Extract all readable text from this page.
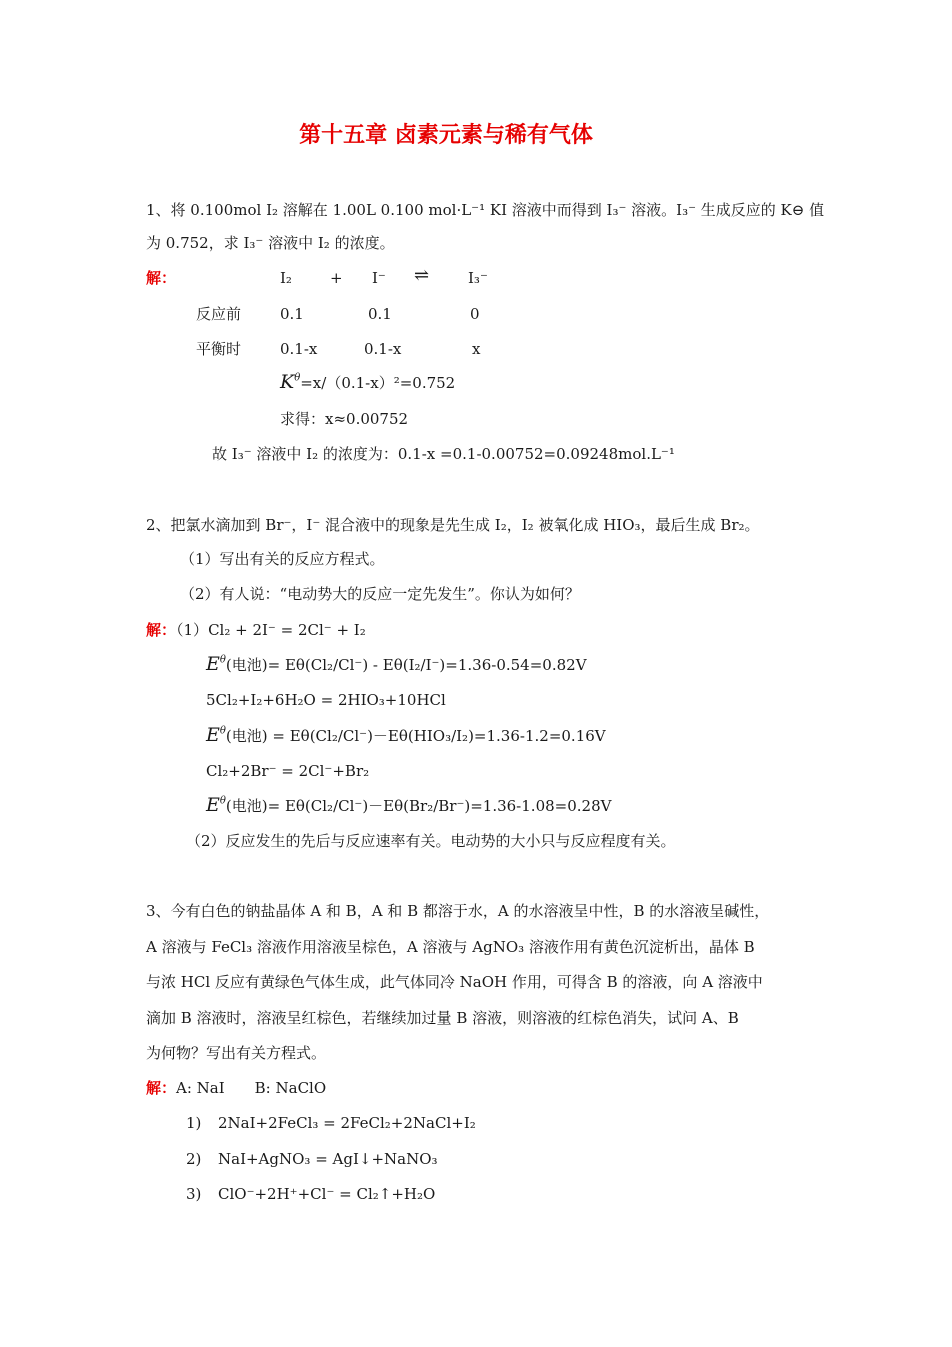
第十五章 卤素元素与稀有气体
1、将 0.100mol I₂ 溶解在 1.00L 0.100 mol·L⁻¹ KI 溶液中而得到 I₃⁻ 溶液。I₃⁻ 生成反应的 K⊖ 值
为 0.752，求 I₃⁻ 溶液中 I₂ 的浓度。
解：	I₂	+ I⁻ ⇌	I₃⁻
反应前	0.1	0.1	0
平衡时	0.1-x	0.1-x	x
$K^\theta=x/(0.1-x)^2=0.752$
求得：x≈0.00752
故 I₃⁻ 溶液中 I₂ 的浓度为：0.1-x =0.1-0.00752=0.09248mol.L⁻¹
2、把氯水滴加到 Br⁻，I⁻ 混合液中的现象是先生成 I₂，I₂ 被氧化成 HIO₃，最后生成 Br₂。
（1）写出有关的反应方程式。
（2）有人说：“电动势大的反应一定先发生”。你认为如何？
解：（1）Cl₂ + 2I⁻ = 2Cl⁻ + I₂
$E^\theta$(电池)= Eθ(Cl₂/Cl⁻) - Eθ(I₂/I⁻)=1.36-0.54=0.82V
5Cl₂+I₂+6H₂O = 2HIO₃+10HCl
$E^\theta$(电池) = Eθ(Cl₂/Cl⁻)－Eθ(HIO₃/I₂)=1.36-1.2=0.16V
Cl₂+2Br⁻ = 2Cl⁻+Br₂
$E^\theta$(电池)= Eθ(Cl₂/Cl⁻)－Eθ(Br₂/Br⁻)=1.36-1.08=0.28V
（2）反应发生的先后与反应速率有关。电动势的大小只与反应程度有关。
3、今有白色的钠盐晶体 A 和 B，A 和 B 都溶于水，A 的水溶液呈中性，B 的水溶液呈碱性，
A 溶液与 FeCl₃ 溶液作用溶液呈棕色，A 溶液与 AgNO₃ 溶液作用有黄色沉淀析出，晶体 B
与浓 HCl 反应有黄绿色气体生成，此气体同冷 NaOH 作用，可得含 B 的溶液，向 A 溶液中
滴加 B 溶液时，溶液呈红棕色，若继续加过量 B 溶液，则溶液的红棕色消失，试问 A、B
为何物？写出有关方程式。
解：A: NaI　　B: NaClO
1) 2NaI+2FeCl₃ = 2FeCl₂+2NaCl+I₂
2) NaI+AgNO₃ = AgI↓+NaNO₃
3) ClO⁻+2H⁺+Cl⁻ = Cl₂↑+H₂O
